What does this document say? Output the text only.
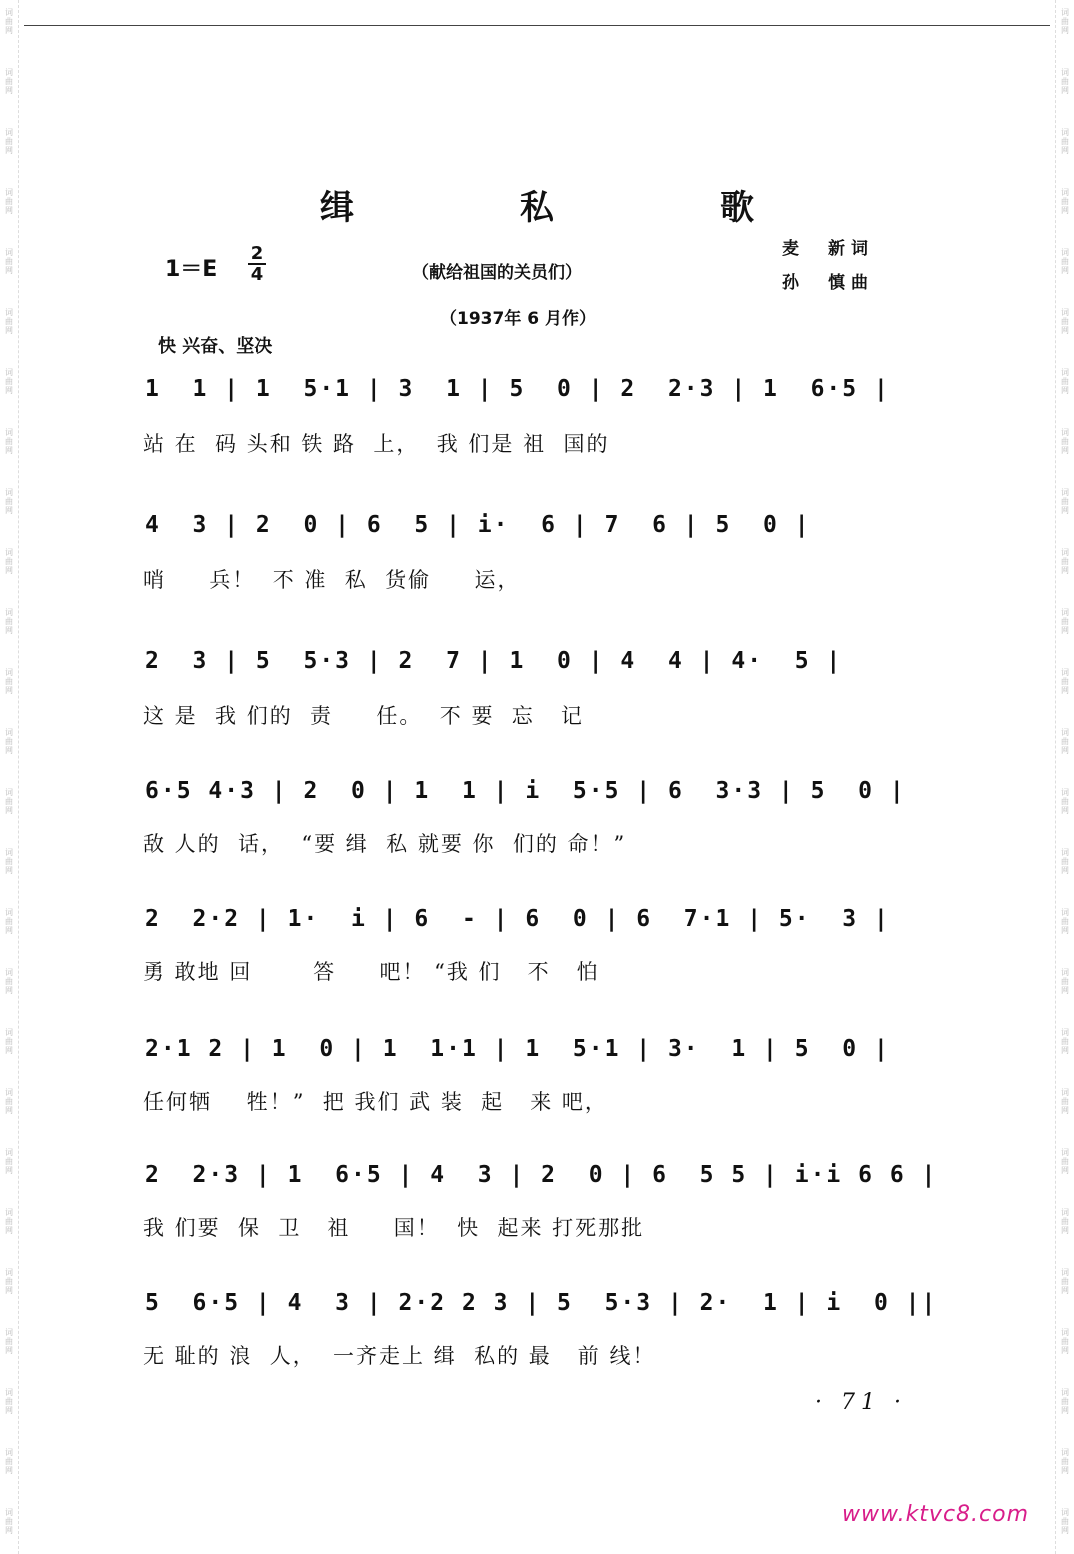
词曲网
词曲网
词曲网
词曲网
词曲网
词曲网
词曲网
词曲网
词曲网
词曲网
词曲网
词曲网
词曲网
词曲网
词曲网
词曲网
词曲网
词曲网
词曲网
词曲网
词曲网
词曲网
词曲网
词曲网
词曲网
词曲网
词曲网
词曲网
词曲网
词曲网
词曲网
词曲网
词曲网
词曲网
词曲网
词曲网
词曲网
词曲网
词曲网
词曲网
词曲网
词曲网
词曲网
词曲网
词曲网
词曲网
词曲网
词曲网
词曲网
词曲网
词曲网
词曲网
缉　私　歌
1＝E
2
4	（献给祖国的关员们）
麦　新词
孙　慎曲
（1937年 6 月作）
快 兴奋、坚决
1  1 | 1  5·1 | 3  1 | 5  0 | 2  2·3 | 1  6·5 |
站 在  码 头和 铁 路  上，  我 们是 祖  国的
4  3 | 2  0 | 6  5 | i·  6 | 7  6 | 5  0 |
哨     兵！  不 准  私  货偷     运，
2  3 | 5  5·3 | 2  7 | 1  0 | 4  4 | 4·  5 |
这 是  我 们的  责     任。  不 要  忘   记
6·5 4·3 | 2  0 | 1  1 | i  5·5 | 6  3·3 | 5  0 |
敌 人的  话，  “要 缉  私 就要 你  们的 命！”
2  2·2 | 1·  i | 6  - | 6  0 | 6  7·1 | 5·  3 |
勇 敢地 回       答     吧！ “我 们   不   怕
2·1 2 | 1  0 | 1  1·1 | 1  5·1 | 3·  1 | 5  0 |
任何牺    牲！”  把 我们 武 装  起   来 吧，
2  2·3 | 1  6·5 | 4  3 | 2  0 | 6  5 5 | i·i 6 6 |
我 们要  保  卫   祖     国！  快  起来 打死那批
5  6·5 | 4  3 | 2·2 2 3 | 5  5·3 | 2·  1 | i  0 ||
无 耻的 浪  人，  一齐走上 缉  私的 最   前 线！
· 71 ·
www.ktvc8.com
